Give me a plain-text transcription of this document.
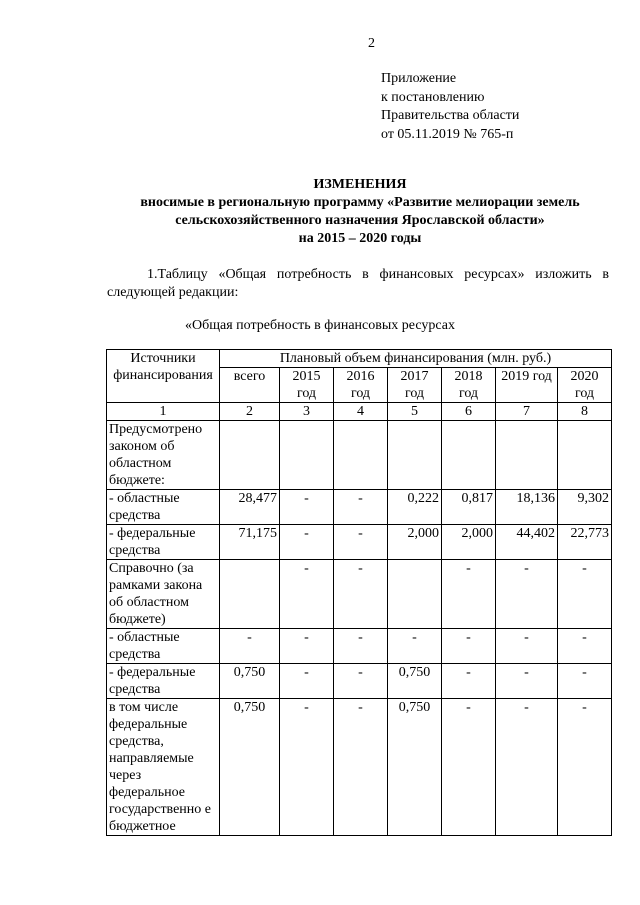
2
Приложение
к постановлению
Правительства области
от 05.11.2019 № 765-п
ИЗМЕНЕНИЯ
вносимые в региональную программу «Развитие мелиорации земель
сельскохозяйственного назначения Ярославской области»
на 2015 – 2020 годы
1.Таблицу «Общая потребность в финансовых ресурсах» изложить в следующей редакции:
«Общая потребность в финансовых ресурсах
Источники финансирования	Плановый объем финансирования (млн. руб.)						
	всего	2015 год	2016 год	2017 год	2018 год	2019 год	2020 год
1	2	3	4	5	6	7	8
Предусмотрено законом об областном бюджете:							
- областные средства	28,477	-	-	0,222	0,817	18,136	9,302
- федеральные средства	71,175	-	-	2,000	2,000	44,402	22,773
Справочно (за рамками закона об областном бюджете)		-	-		-	-	-
- областные средства	-	-	-	-	-	-	-
- федеральные средства	0,750	-	-	0,750	-	-	-
в том числе федеральные средства, направляемые через федеральное государственно е бюджетное	0,750	-	-	0,750	-	-	-
